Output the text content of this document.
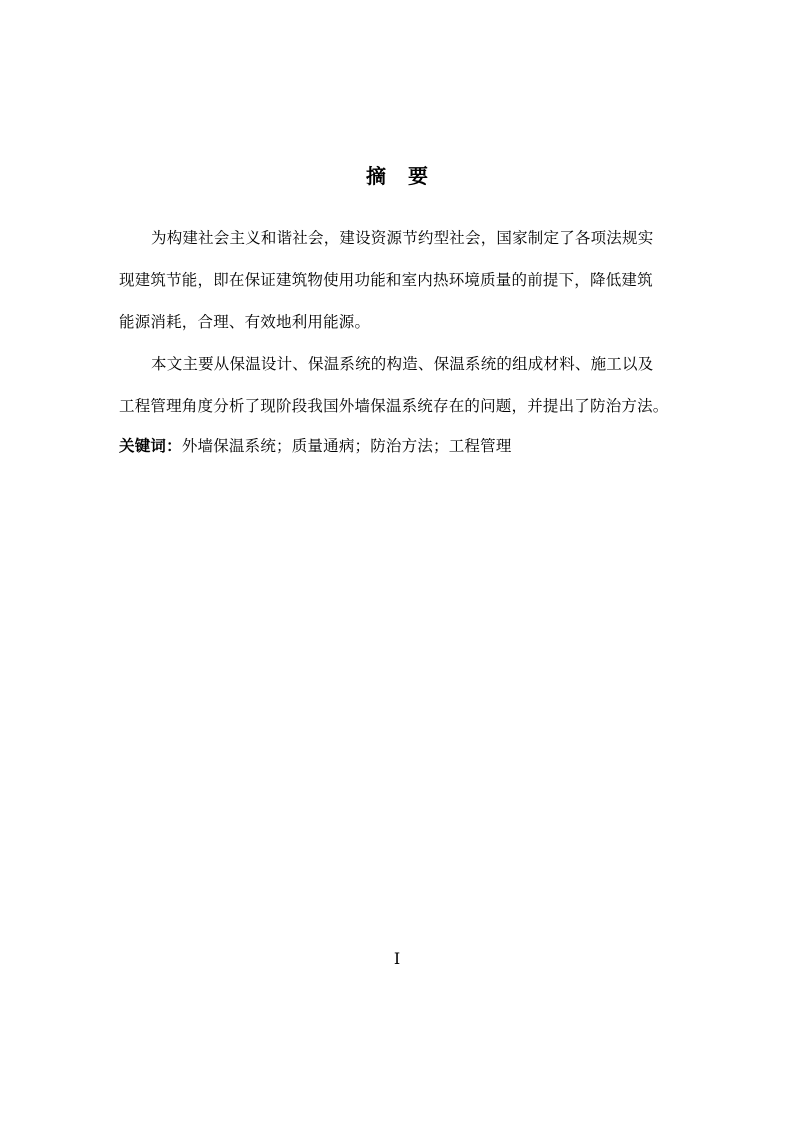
摘要
为构建社会主义和谐社会，建设资源节约型社会，国家制定了各项法规实
现建筑节能，即在保证建筑物使用功能和室内热环境质量的前提下，降低建筑
能源消耗，合理、有效地利用能源。
本文主要从保温设计、保温系统的构造、保温系统的组成材料、施工以及
工程管理角度分析了现阶段我国外墙保温系统存在的问题，并提出了防治方法。
关键词：外墙保温系统；质量通病；防治方法；工程管理
I
